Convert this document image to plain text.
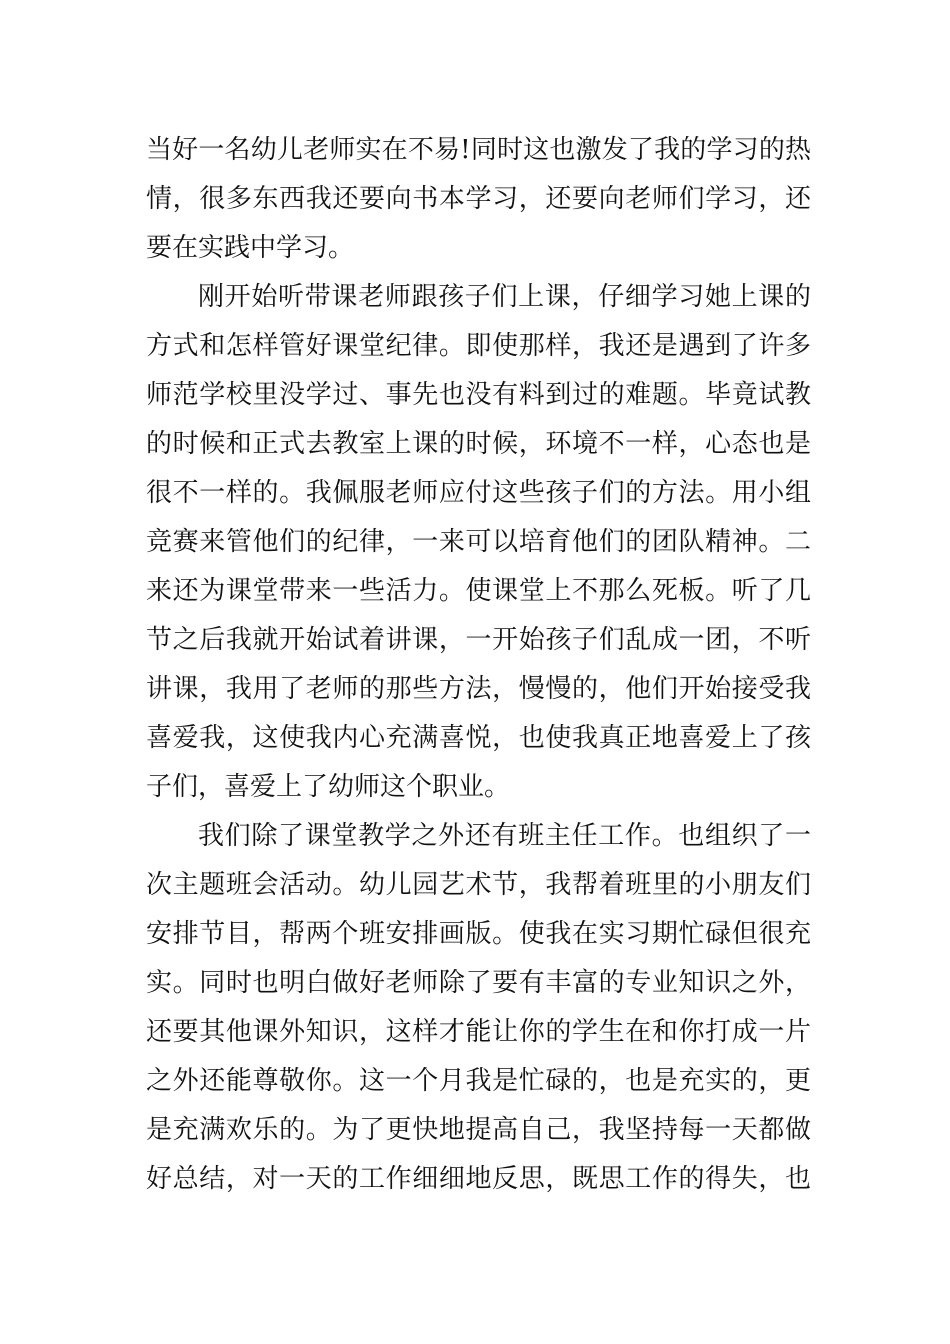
当好一名幼儿老师实在不易!同时这也激发了我的学习的热
情，很多东西我还要向书本学习，还要向老师们学习，还
要在实践中学习。
刚开始听带课老师跟孩子们上课，仔细学习她上课的
方式和怎样管好课堂纪律。即使那样，我还是遇到了许多
师范学校里没学过、事先也没有料到过的难题。毕竟试教
的时候和正式去教室上课的时候，环境不一样，心态也是
很不一样的。我佩服老师应付这些孩子们的方法。用小组
竞赛来管他们的纪律，一来可以培育他们的团队精神。二
来还为课堂带来一些活力。使课堂上不那么死板。听了几
节之后我就开始试着讲课，一开始孩子们乱成一团，不听
讲课，我用了老师的那些方法，慢慢的，他们开始接受我
喜爱我，这使我内心充满喜悦，也使我真正地喜爱上了孩
子们，喜爱上了幼师这个职业。
我们除了课堂教学之外还有班主任工作。也组织了一
次主题班会活动。幼儿园艺术节，我帮着班里的小朋友们
安排节目，帮两个班安排画版。使我在实习期忙碌但很充
实。同时也明白做好老师除了要有丰富的专业知识之外，
还要其他课外知识，这样才能让你的学生在和你打成一片
之外还能尊敬你。这一个月我是忙碌的，也是充实的，更
是充满欢乐的。为了更快地提高自己，我坚持每一天都做
好总结，对一天的工作细细地反思，既思工作的得失，也
